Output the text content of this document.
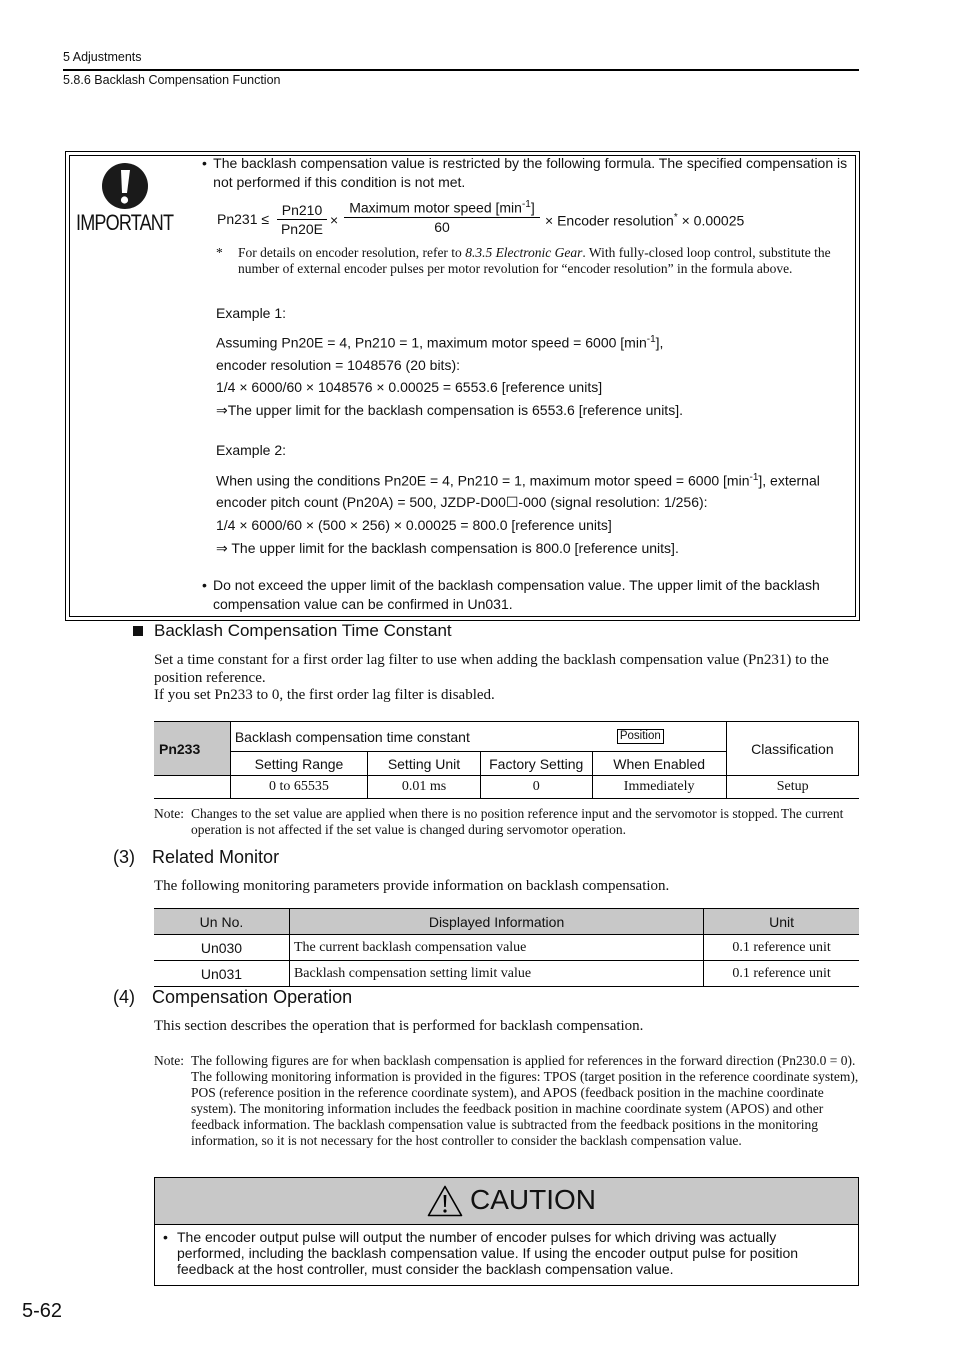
5 Adjustments
5.8.6 Backlash Compensation Function
IMPORTANT
• The backlash compensation value is restricted by the following formula. The specified compensation is not performed if this condition is not met.
$Pn231 \le \frac{Pn210}{Pn20E}$ ×
Maximum motor speed $[\min^{-1}]$
60	× Encoder resolution* × 0.00025
*	For details on encoder resolution, refer to 8.3.5 Electronic Gear. With fully-closed loop control, substitute the number of external encoder pulses per motor revolution for “encoder resolution” in the formula above.
Example 1:
Assuming Pn20E = 4, Pn210 = 1, maximum motor speed = 6000 $[\min^{-1}]$,
encoder resolution = 1048576 (20 bits):
1/4 × 6000/60 × 1048576 × 0.00025 = 6553.6 [reference units]
⇒The upper limit for the backlash compensation is 6553.6 [reference units].
Example 2:
When using the conditions Pn20E = 4, Pn210 = 1, maximum motor speed = 6000 $[\min^{-1}]$, external
encoder pitch count (Pn20A) = 500, JZDP-D00☐-000 (signal resolution: 1/256):
1/4 × 6000/60 × (500 × 256) × 0.00025 = 800.0 [reference units]
⇒ The upper limit for the backlash compensation is 800.0 [reference units].
• Do not exceed the upper limit of the backlash compensation value. The upper limit of the backlash compensation value can be confirmed in Un031.
Backlash Compensation Time Constant
Set a time constant for a first order lag filter to use when adding the backlash compensation value (Pn231) to the position reference.
If you set Pn233 to 0, the first order lag filter is disabled.
Pn233	Backlash compensation time constant Position				Classification
	Setting Range	Setting Unit	Factory Setting	When Enabled	
	0 to 65535	0.01 ms	0	Immediately	Setup
Note: Changes to the set value are applied when there is no position reference input and the servomotor is stopped. The current operation is not affected if the set value is changed during servomotor operation.
(3) Related Monitor
The following monitoring parameters provide information on backlash compensation.
Un No.	Displayed Information	Unit
Un030	The current backlash compensation value	0.1 reference unit
Un031	Backlash compensation setting limit value	0.1 reference unit
(4) Compensation Operation
This section describes the operation that is performed for backlash compensation.
Note: The following figures are for when backlash compensation is applied for references in the forward direction (Pn230.0 = 0). The following monitoring information is provided in the figures: TPOS (target position in the reference coordinate system), POS (reference position in the reference coordinate system), and APOS (feedback position in the machine coordinate system). The monitoring information includes the feedback position in machine coordinate system (APOS) and other feedback information. The backlash compensation value is subtracted from the feedback positions in the monitoring information, so it is not necessary for the host controller to consider the backlash compensation value.
CAUTION
• The encoder output pulse will output the number of encoder pulses for which driving was actually performed, including the backlash compensation value. If using the encoder output pulse for position feedback at the host controller, must consider the backlash compensation value.
5-62
